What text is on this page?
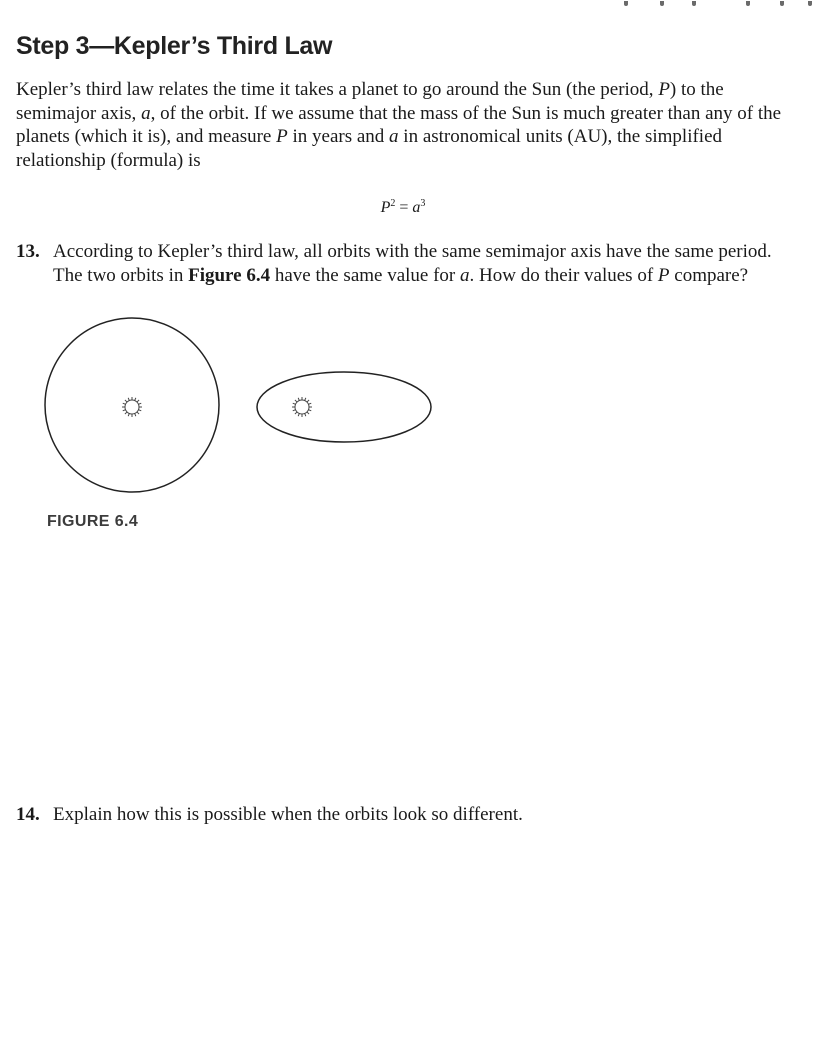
Step 3—Kepler’s Third Law

Kepler’s third law relates the time it takes a planet to go around the Sun (the period, P) to the semimajor axis, a, of the orbit. If we assume that the mass of the Sun is much greater than any of the planets (which it is), and measure P in years and a in astronomical units (AU), the simplified relationship (formula) is

$P^2 = a^3$
13. According to Kepler’s third law, all orbits with the same semimajor axis have the same period. The two orbits in Figure 6.4 have the same value for a. How do their values of P compare?
FIGURE 6.4
14. Explain how this is possible when the orbits look so different.
